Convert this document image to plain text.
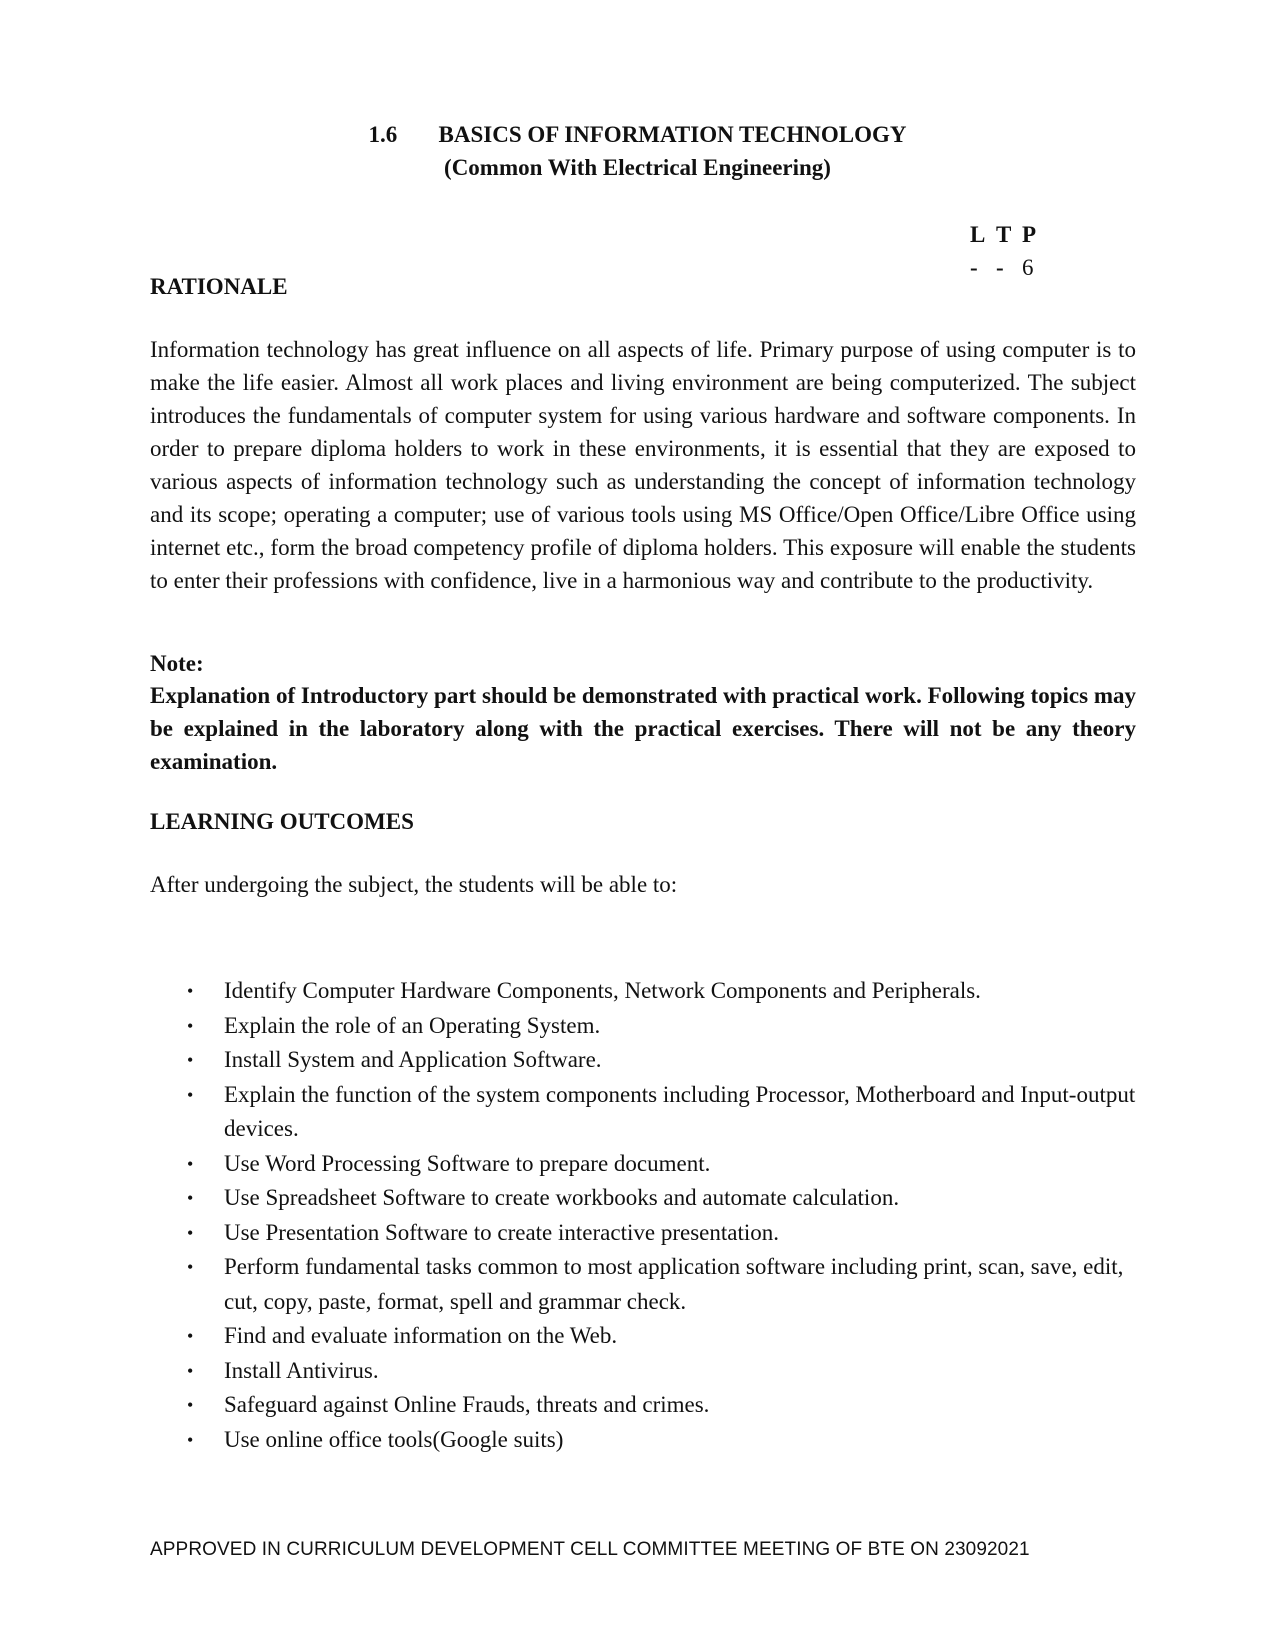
1.6 BASICS OF INFORMATION TECHNOLOGY
(Common With Electrical Engineering)
L T P
- - 6
RATIONALE
Information technology has great influence on all aspects of life. Primary purpose of using computer is to make the life easier. Almost all work places and living environment are being computerized. The subject introduces the fundamentals of computer system for using various hardware and software components. In order to prepare diploma holders to work in these environments, it is essential that they are exposed to various aspects of information technology such as understanding the concept of information technology and its scope; operating a computer; use of various tools using MS Office/Open Office/Libre Office using internet etc., form the broad competency profile of diploma holders. This exposure will enable the students to enter their professions with confidence, live in a harmonious way and contribute to the productivity.
Note:
Explanation of Introductory part should be demonstrated with practical work. Following topics may be explained in the laboratory along with the practical exercises. There will not be any theory examination.
LEARNING OUTCOMES
After undergoing the subject, the students will be able to:
• Identify Computer Hardware Components, Network Components and Peripherals.
• Explain the role of an Operating System.
• Install System and Application Software.
• Explain the function of the system components including Processor, Motherboard and Input-output devices.
• Use Word Processing Software to prepare document.
• Use Spreadsheet Software to create workbooks and automate calculation.
• Use Presentation Software to create interactive presentation.
• Perform fundamental tasks common to most application software including print, scan, save, edit, cut, copy, paste, format, spell and grammar check.
• Find and evaluate information on the Web.
• Install Antivirus.
• Safeguard against Online Frauds, threats and crimes.
• Use online office tools(Google suits)
APPROVED IN CURRICULUM DEVELOPMENT CELL COMMITTEE MEETING OF BTE ON 23092021
